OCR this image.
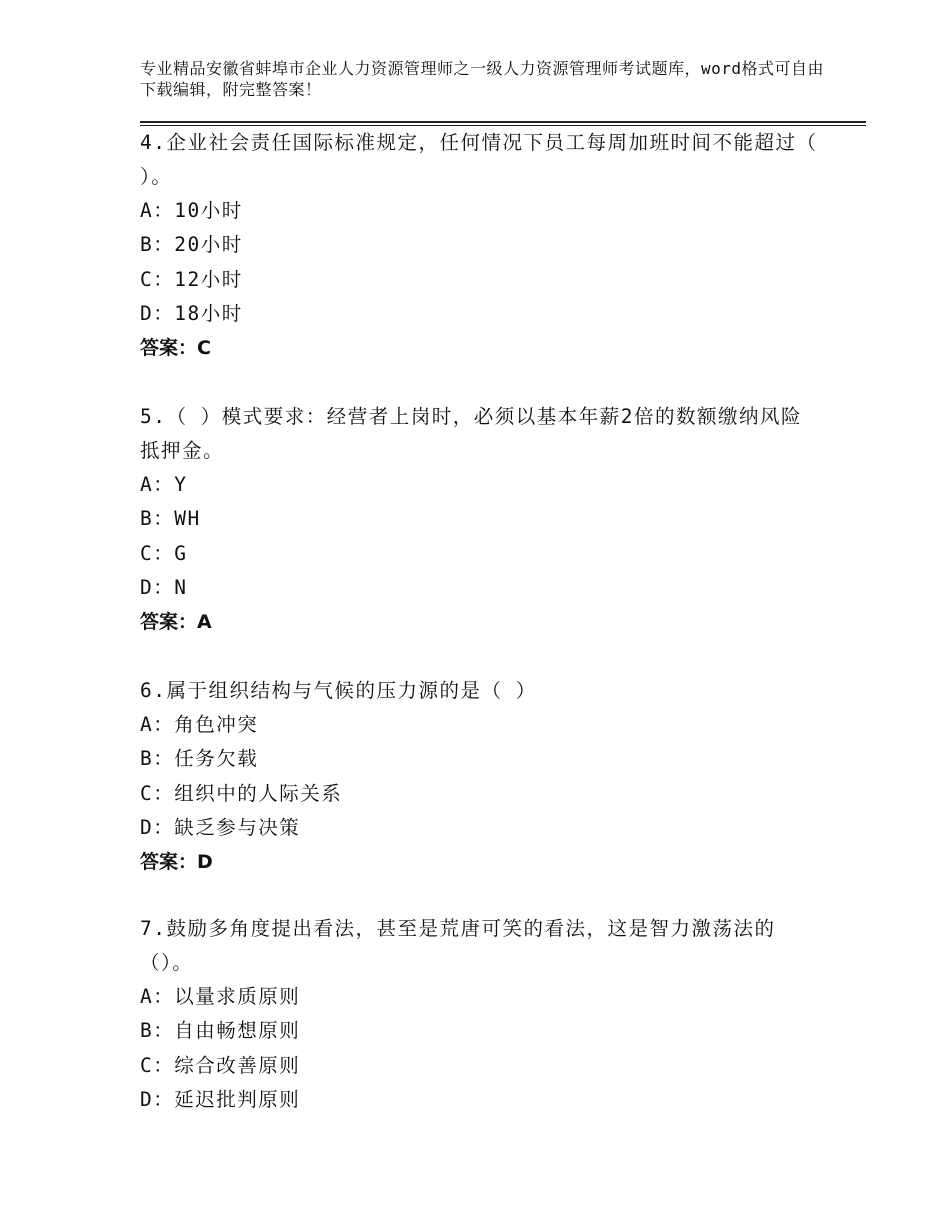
专业精品安徽省蚌埠市企业人力资源管理师之一级人力资源管理师考试题库，word格式可自由下载编辑，附完整答案！
4.企业社会责任国际标准规定，任何情况下员工每周加班时间不能超过（ ）。
A：10小时
B：20小时
C：12小时
D：18小时
答案：C
5.（ ）模式要求：经营者上岗时，必须以基本年薪2倍的数额缴纳风险抵押金。
A：Y
B：WH
C：G
D：N
答案：A
6.属于组织结构与气候的压力源的是（ ）
A：角色冲突
B：任务欠载
C：组织中的人际关系
D：缺乏参与决策
答案：D
7.鼓励多角度提出看法，甚至是荒唐可笑的看法，这是智力激荡法的（）。
A：以量求质原则
B：自由畅想原则
C：综合改善原则
D：延迟批判原则
